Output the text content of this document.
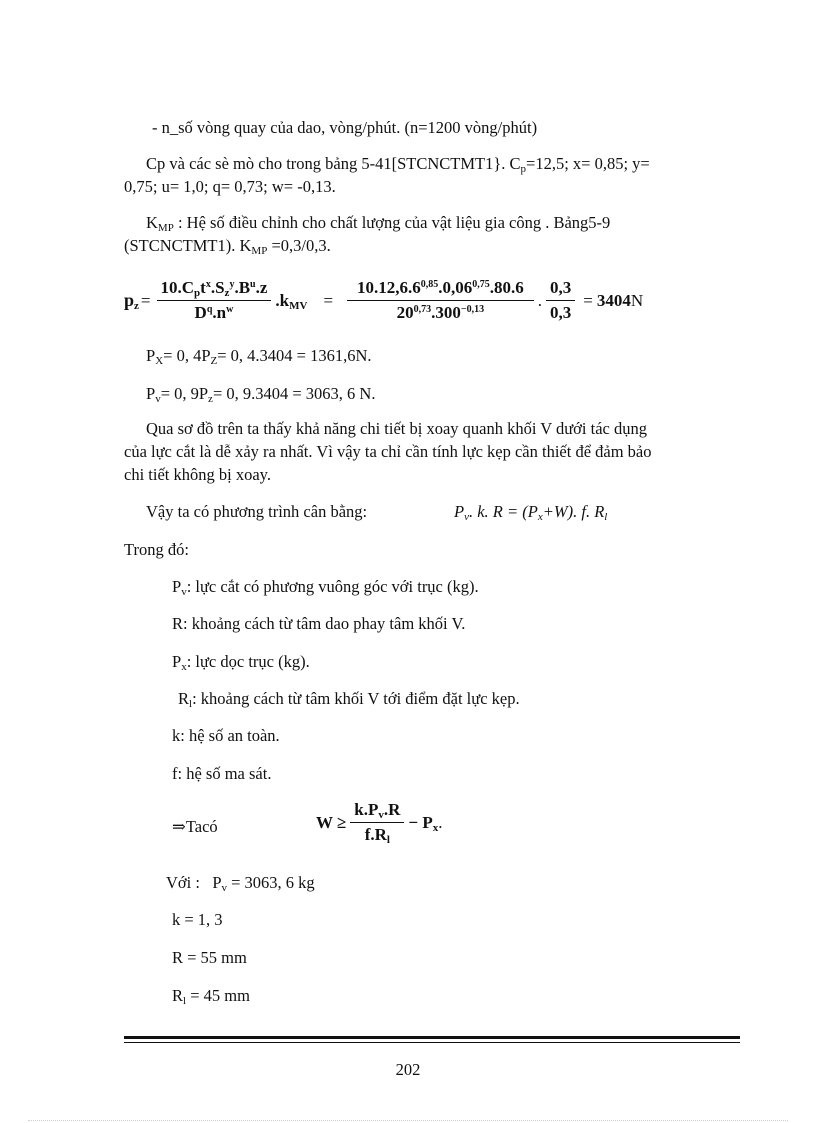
- n_số vòng quay của dao, vòng/phút. (n=1200 vòng/phút)
Cp và các sè mò cho trong bảng 5-41[STCNCTMT1}. $C_p=12,5$; x= 0,85; y=
0,75; u= 1,0; q= 0,73; w= -0,13.
$K_{MP}$ : Hệ số điều chỉnh cho chất lượng của vật liệu gia công . Bảng5-9
(STCNCTMT1). $K_{MP} =0,3/0,3$.
$p_z = \frac{10.C_pt^x.S_z^y.B^u.z}{D^q.n^w} .k_{MV} = \frac{10.12,6.6^{0,85}.0,06^{0,75}.80.6}{20^{0,73}.300^{-0,13}}$ . $\frac{0,3}{0,3} = 3404$ N
$P_X= 0$, $4P_Z= 0$, 4.3404 = 1361,6N.
$P_v= 0$, $9P_z= 0$, 9.3404 = 3063, 6 N.
Qua sơ đồ trên ta thấy khả năng chi tiết bị xoay quanh khối V dưới tác dụng
của lực cắt là dễ xảy ra nhất. Vì vậy ta chỉ cần tính lực kẹp cần thiết để đảm bảo
chi tiết không bị xoay.
Vậy ta có phương trình cân bằng:	$P_v$. k. $R = (P_x+W)$. f. $R_l$
Trong đó:
$P_v$: lực cắt có phương vuông góc với trục (kg).
R: khoảng cách từ tâm dao phay tâm khối V.
$P_x$: lực dọc trục (kg).
$R_l$: khoảng cách từ tâm khối V tới điểm đặt lực kẹp.
k: hệ số an toàn.
f: hệ số ma sát.
⇒Tacó	$W \ge \frac{k.P_v.R}{f.R_l} - P_x$ .
Với : $P_v = 3063$, 6 kg
k = 1, 3
R = 55 mm
$R_l = 45$ mm
202
